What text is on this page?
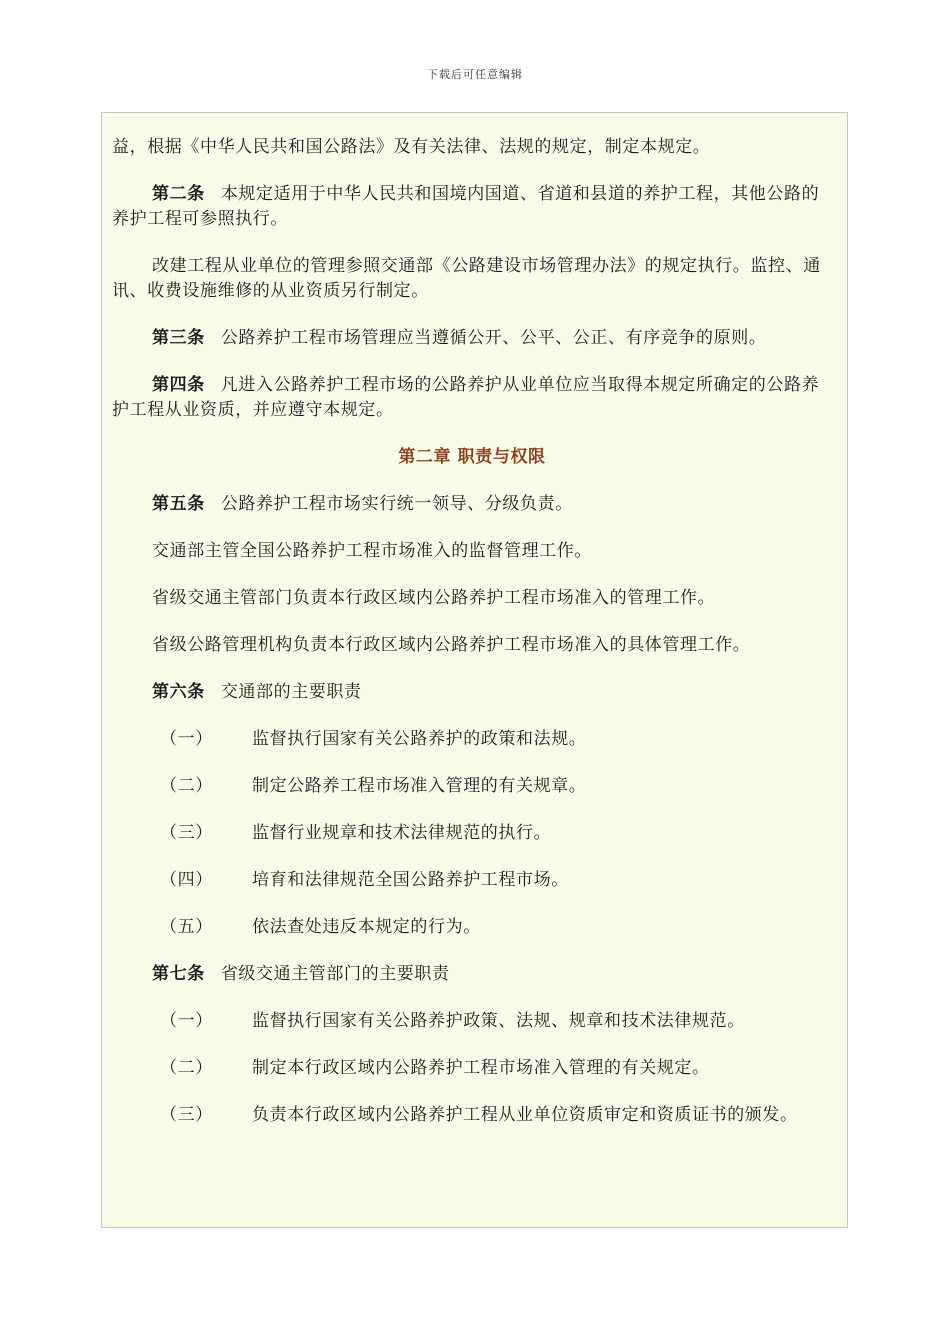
下载后可任意编辑

益，根据《中华人民共和国公路法》及有关法律、法规的规定，制定本规定。

第二条 本规定适用于中华人民共和国境内国道、省道和县道的养护工程，其他公路的养护工程可参照执行。

改建工程从业单位的管理参照交通部《公路建设市场管理办法》的规定执行。监控、通讯、收费设施维修的从业资质另行制定。

第三条 公路养护工程市场管理应当遵循公开、公平、公正、有序竞争的原则。

第四条 凡进入公路养护工程市场的公路养护从业单位应当取得本规定所确定的公路养护工程从业资质，并应遵守本规定。

第二章 职责与权限

第五条 公路养护工程市场实行统一领导、分级负责。

交通部主管全国公路养护工程市场准入的监督管理工作。

省级交通主管部门负责本行政区域内公路养护工程市场准入的管理工作。

省级公路管理机构负责本行政区域内公路养护工程市场准入的具体管理工作。

第六条 交通部的主要职责

（一） 监督执行国家有关公路养护的政策和法规。

（二） 制定公路养工程市场准入管理的有关规章。

（三） 监督行业规章和技术法律规范的执行。

（四） 培育和法律规范全国公路养护工程市场。

（五） 依法查处违反本规定的行为。

第七条 省级交通主管部门的主要职责

（一） 监督执行国家有关公路养护政策、法规、规章和技术法律规范。

（二） 制定本行政区域内公路养护工程市场准入管理的有关规定。

（三） 负责本行政区域内公路养护工程从业单位资质审定和资质证书的颁发。
